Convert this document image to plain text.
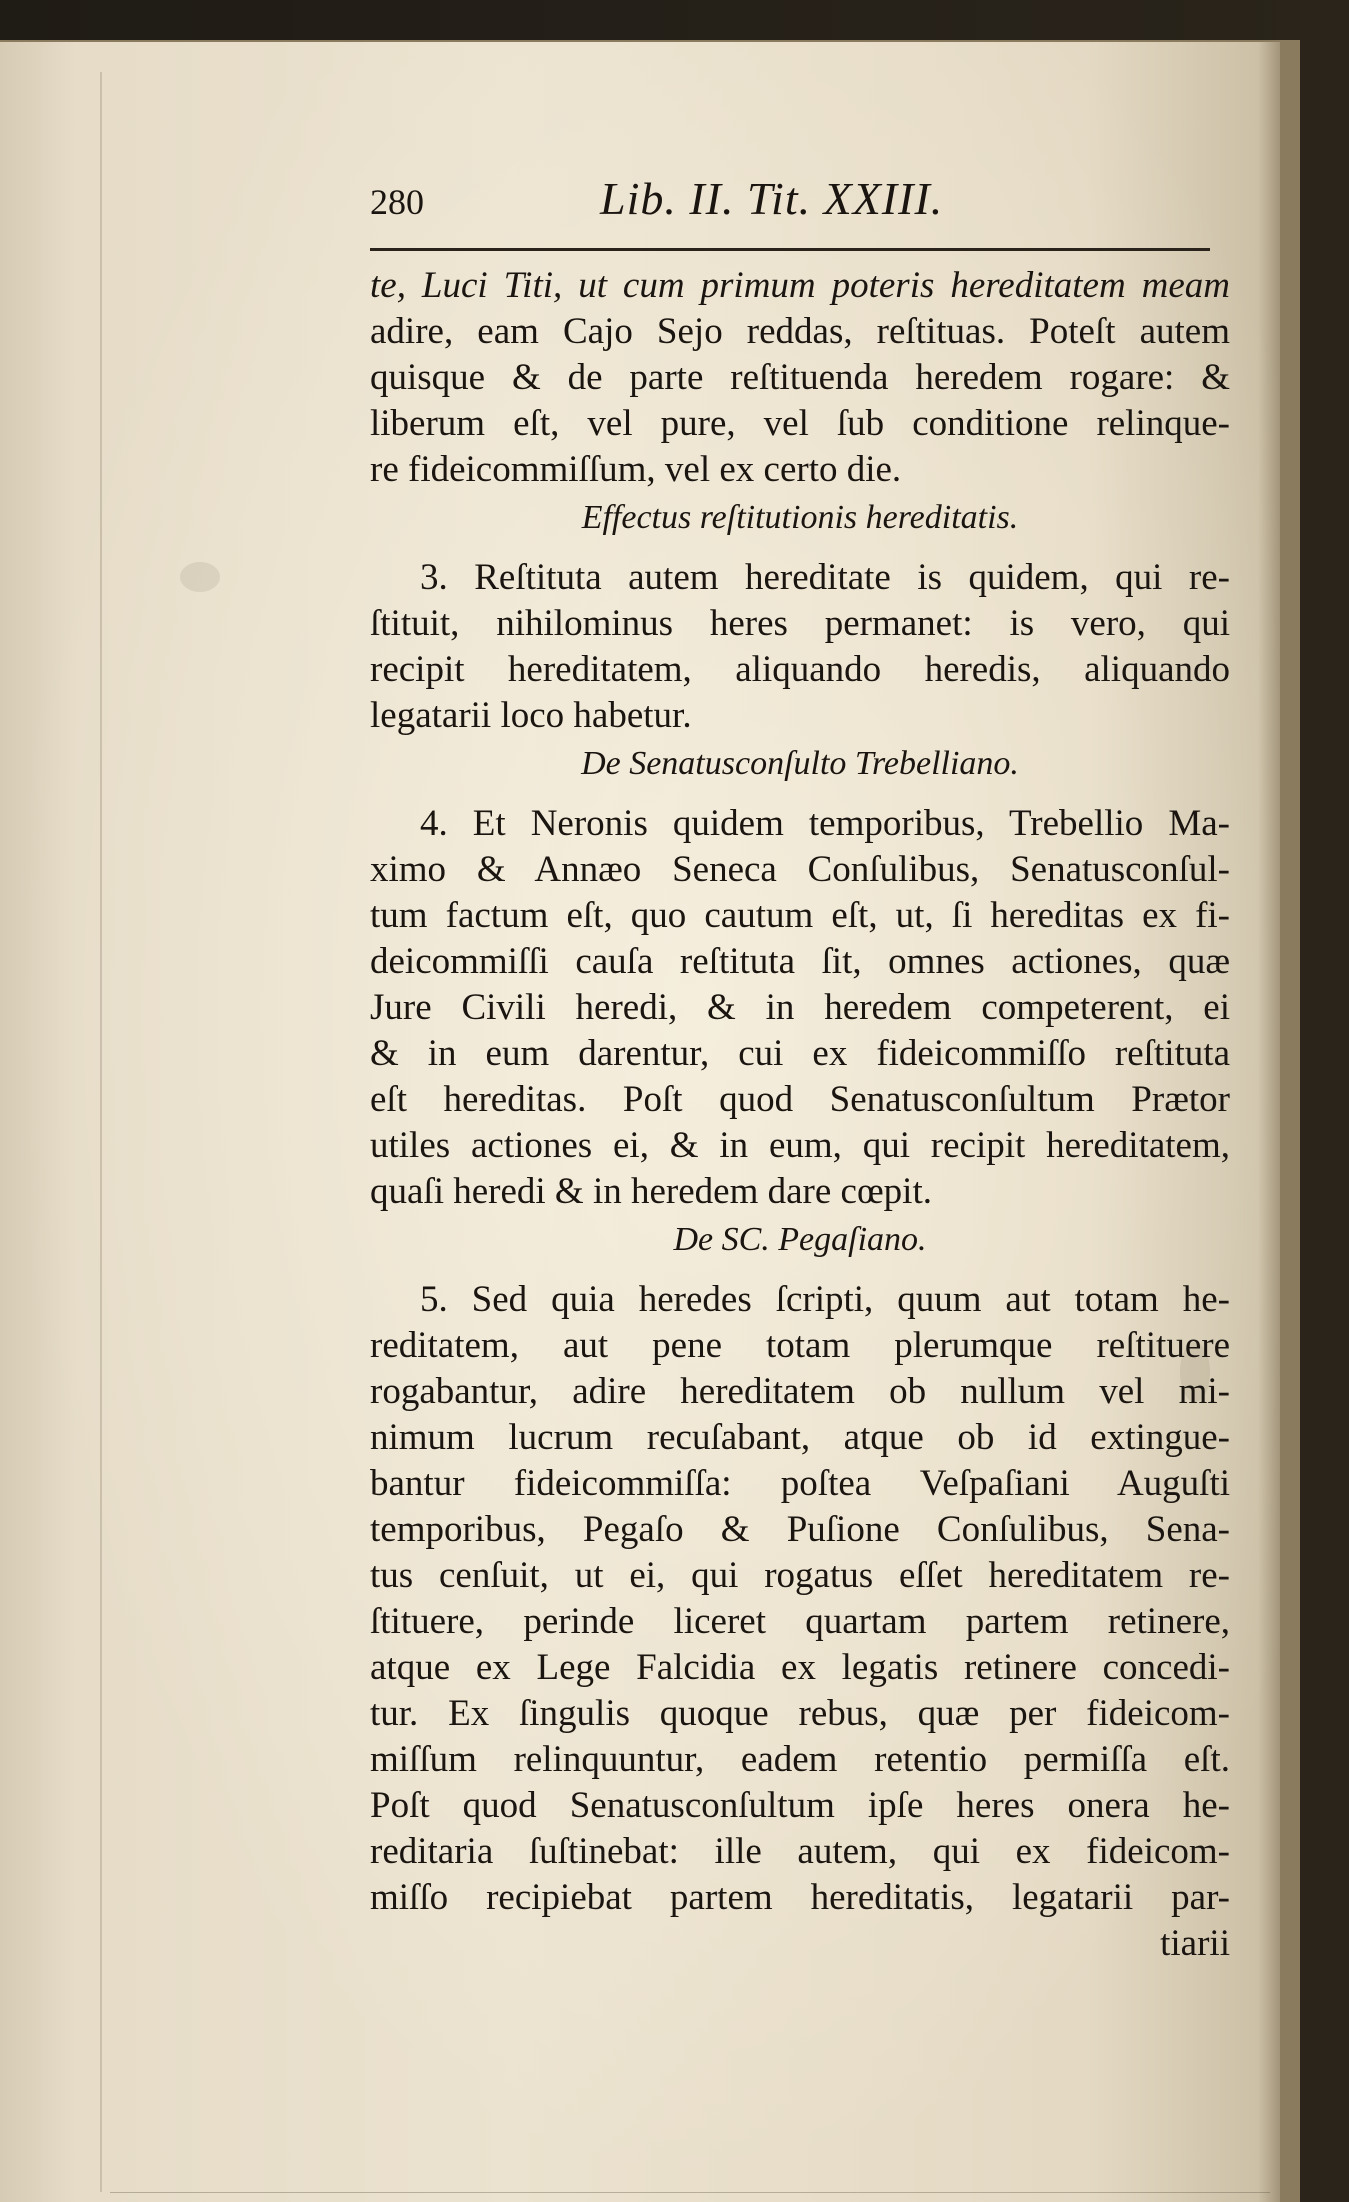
280	Lib. II. Tit. XXIII.
te, Luci Titi, ut cum primum poteris hereditatem meam
adire, eam Cajo Sejo reddas, reſtituas. Poteſt autem
quisque & de parte reſtituenda heredem rogare: &
liberum eſt, vel pure, vel ſub conditione relinque-
re fideicommiſſum, vel ex certo die.
Effectus reſtitutionis hereditatis.
3. Reſtituta autem hereditate is quidem, qui re-
ſtituit, nihilominus heres permanet: is vero, qui
recipit hereditatem, aliquando heredis, aliquando
legatarii loco habetur.
De Senatusconſulto Trebelliano.
4. Et Neronis quidem temporibus, Trebellio Ma-
ximo & Annæo Seneca Conſulibus, Senatusconſul-
tum factum eſt, quo cautum eſt, ut, ſi hereditas ex fi-
deicommiſſi cauſa reſtituta ſit, omnes actiones, quæ
Jure Civili heredi, & in heredem competerent, ei
& in eum darentur, cui ex fideicommiſſo reſtituta
eſt hereditas. Poſt quod Senatusconſultum Prætor
utiles actiones ei, & in eum, qui recipit hereditatem,
quaſi heredi & in heredem dare cœpit.
De SC. Pegaſiano.
5. Sed quia heredes ſcripti, quum aut totam he-
reditatem, aut pene totam plerumque reſtituere
rogabantur, adire hereditatem ob nullum vel mi-
nimum lucrum recuſabant, atque ob id extingue-
bantur fideicommiſſa: poſtea Veſpaſiani Auguſti
temporibus, Pegaſo & Puſione Conſulibus, Sena-
tus cenſuit, ut ei, qui rogatus eſſet hereditatem re-
ſtituere, perinde liceret quartam partem retinere,
atque ex Lege Falcidia ex legatis retinere concedi-
tur. Ex ſingulis quoque rebus, quæ per fideicom-
miſſum relinquuntur, eadem retentio permiſſa eſt.
Poſt quod Senatusconſultum ipſe heres onera he-
reditaria ſuſtinebat: ille autem, qui ex fideicom-
miſſo recipiebat partem hereditatis, legatarii par-
tiarii
